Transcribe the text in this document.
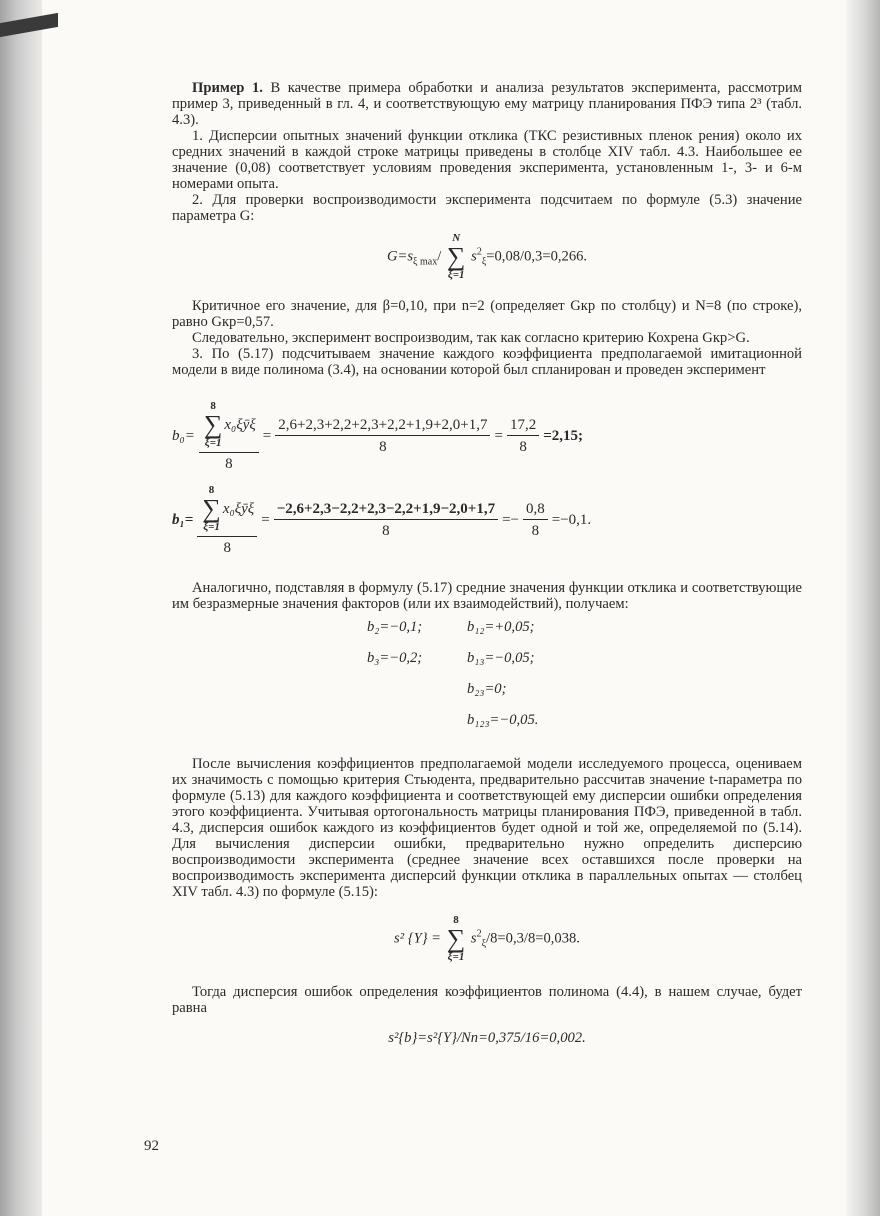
Пример 1. В качестве примера обработки и анализа результатов эксперимента, рассмотрим пример 3, приведенный в гл. 4, и соответствующую ему матрицу планирования ПФЭ типа 2³ (табл. 4.3).

1. Дисперсии опытных значений функции отклика (ТКС резистивных пленок рения) около их средних значений в каждой строке матрицы приведены в столбце XIV табл. 4.3. Наибольшее ее значение (0,08) соответствует условиям проведения эксперимента, установленным 1-, 3- и 6-м номерами опыта.

2. Для проверки воспроизводимости эксперимента подсчитаем по формуле (5.3) значение параметра G:

$G=s_{\xi max}/$
N
∑
ξ=1
$s^2_\xi=0,08/0,3=0,266$.

Критичное его значение, для β=0,10, при n=2 (определяет Gкр по столбцу) и N=8 (по строке), равно Gкр=0,57.

Следовательно, эксперимент воспроизводим, так как согласно критерию Кохрена Gкр>G.

3. По (5.17) подсчитываем значение каждого коэффициента предполагаемой имитационной модели в виде полинома (3.4), на основании которой был спланирован и проведен эксперимент

b₀= 8
∑
ξ=1
x₀ξȳξ
$8 = \frac{2,6+2,3+2,2+2,3+2,2+1,9+2,0+1,7}{8} = \frac{17,2}{8} =2,15$;
b₁= 8
∑
ξ=1
x₀ξȳξ
$8 = \frac{-2,6+2,3-2,2+2,3-2,2+1,9-2,0+1,7}{8} =- \frac{0,8}{8} =-0,1$.

Аналогично, подставляя в формулу (5.17) средние значения функции отклика и соответствующие им безразмерные значения факторов (или их взаимодействий), получаем:

b₂=−0,1;	b₁₂=+0,05;
b₃=−0,2;	b₁₃=−0,05;
b₂₃=0;
b₁₂₃=−0,05.

После вычисления коэффициентов предполагаемой модели исследуемого процесса, оцениваем их значимость с помощью критерия Стьюдента, предварительно рассчитав значение t-параметра по формуле (5.13) для каждого коэффициента и соответствующей ему дисперсии ошибки определения этого коэффициента. Учитывая ортогональность матрицы планирования ПФЭ, приведенной в табл. 4.3, дисперсия ошибок каждого из коэффициентов будет одной и той же, определяемой по (5.14). Для вычисления дисперсии ошибки, предварительно нужно определить дисперсию воспроизводимости эксперимента (среднее значение всех оставшихся после проверки на воспроизводимость эксперимента дисперсий функции отклика в параллельных опытах — столбец XIV табл. 4.3) по формуле (5.15):

s² {Y} =
8
∑
ξ=1
$s^2_\xi/8=0,3/8=0,038$.

Тогда дисперсия ошибок определения коэффициентов полинома (4.4), в нашем случае, будет равна

s²{b}=s²{Y}/Nn=0,375/16=0,002.
92
